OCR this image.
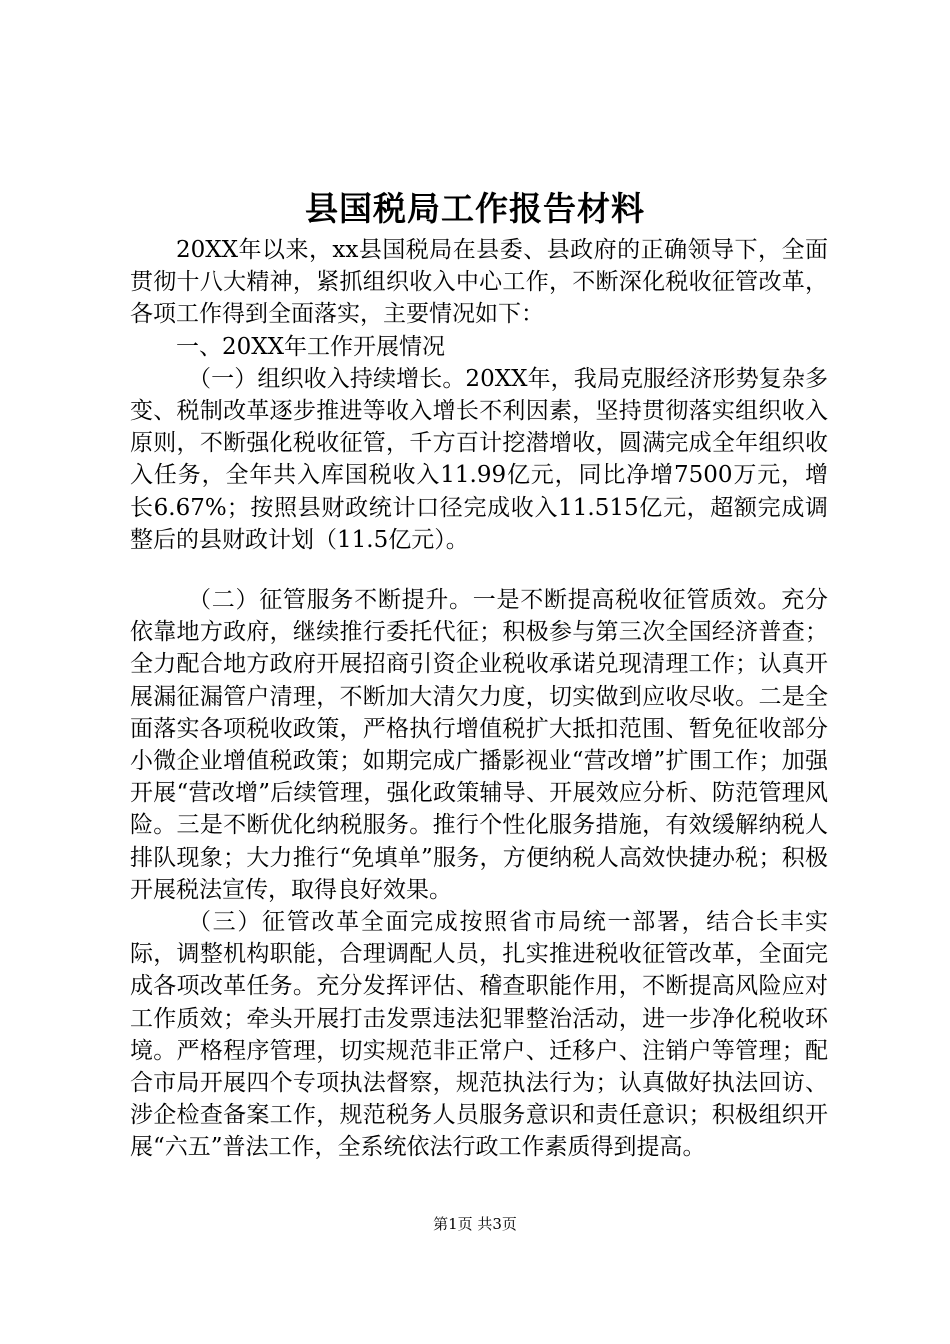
县国税局工作报告材料

20XX年以来，xx县国税局在县委、县政府的正确领导下，全面贯彻十八大精神，紧抓组织收入中心工作，不断深化税收征管改革，各项工作得到全面落实，主要情况如下：

一、20XX年工作开展情况

（一）组织收入持续增长。20XX年，我局克服经济形势复杂多变、税制改革逐步推进等收入增长不利因素，坚持贯彻落实组织收入原则，不断强化税收征管，千方百计挖潜增收，圆满完成全年组织收入任务，全年共入库国税收入11.99亿元，同比净增7500万元，增长6.67%；按照县财政统计口径完成收入11.515亿元，超额完成调整后的县财政计划（11.5亿元）。

（二）征管服务不断提升。一是不断提高税收征管质效。充分依靠地方政府，继续推行委托代征；积极参与第三次全国经济普查；全力配合地方政府开展招商引资企业税收承诺兑现清理工作；认真开展漏征漏管户清理，不断加大清欠力度，切实做到应收尽收。二是全面落实各项税收政策，严格执行增值税扩大抵扣范围、暂免征收部分小微企业增值税政策；如期完成广播影视业“营改增”扩围工作；加强开展“营改增”后续管理，强化政策辅导、开展效应分析、防范管理风险。三是不断优化纳税服务。推行个性化服务措施，有效缓解纳税人排队现象；大力推行“免填单”服务，方便纳税人高效快捷办税；积极开展税法宣传，取得良好效果。

（三）征管改革全面完成按照省市局统一部署，结合长丰实际，调整机构职能，合理调配人员，扎实推进税收征管改革，全面完成各项改革任务。充分发挥评估、稽查职能作用，不断提高风险应对工作质效；牵头开展打击发票违法犯罪整治活动，进一步净化税收环境。严格程序管理，切实规范非正常户、迁移户、注销户等管理；配合市局开展四个专项执法督察，规范执法行为；认真做好执法回访、涉企检查备案工作，规范税务人员服务意识和责任意识；积极组织开展“六五”普法工作，全系统依法行政工作素质得到提高。

第1页 共3页
